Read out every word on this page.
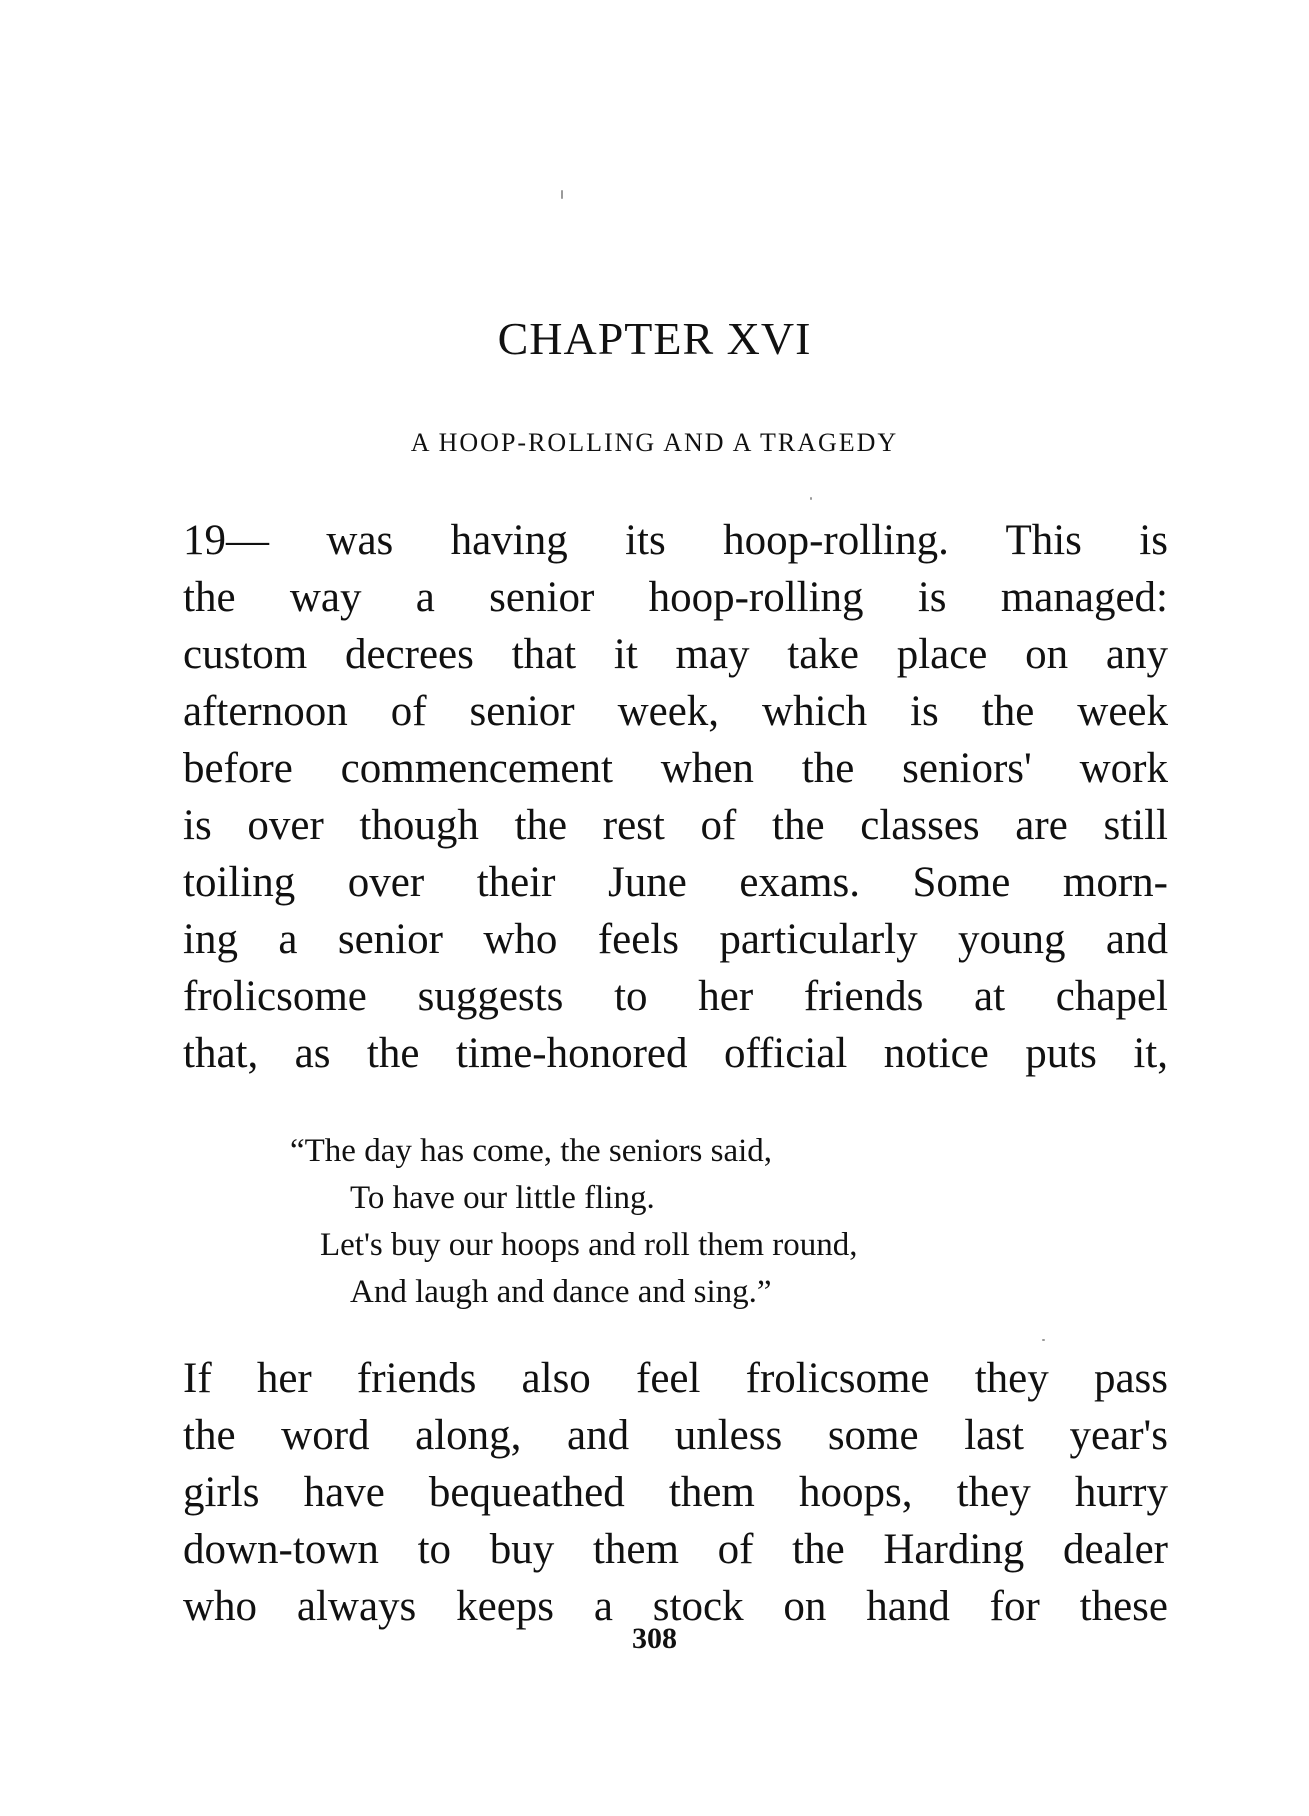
CHAPTER XVI
A HOOP-ROLLING AND A TRAGEDY
19— was having its hoop-rolling. This is
the way a senior hoop-rolling is managed:
custom decrees that it may take place on any
afternoon of senior week, which is the week
before commencement when the seniors' work
is over though the rest of the classes are still
toiling over their June exams. Some morn-
ing a senior who feels particularly young and
frolicsome suggests to her friends at chapel
that, as the time-honored official notice puts it,
“The day has come, the seniors said,
To have our little fling.
Let's buy our hoops and roll them round,
And laugh and dance and sing.”
If her friends also feel frolicsome they pass
the word along, and unless some last year's
girls have bequeathed them hoops, they hurry
down-town to buy them of the Harding dealer
who always keeps a stock on hand for these
308
